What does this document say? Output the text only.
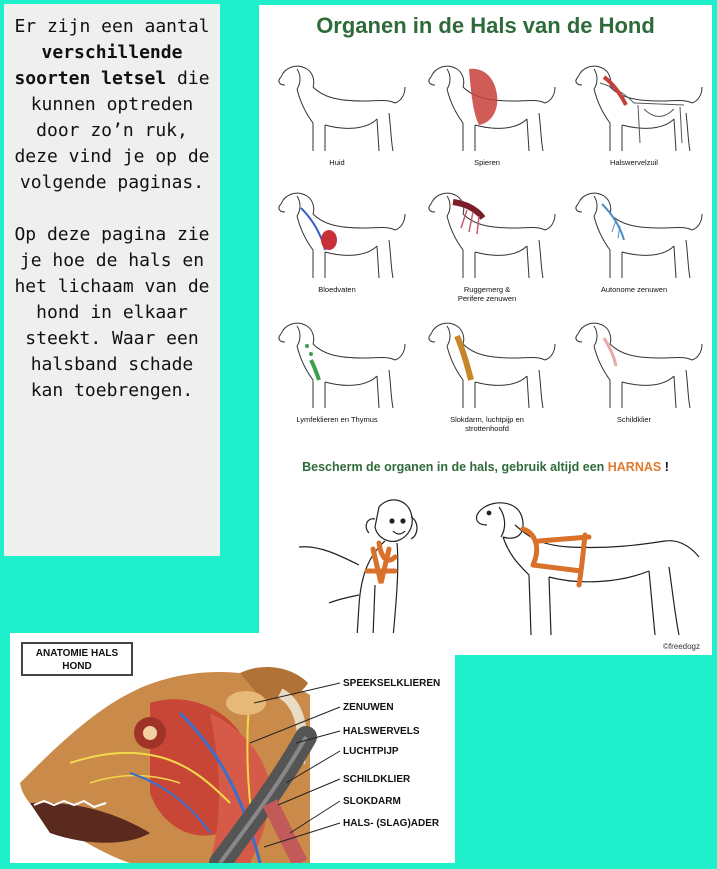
Er zijn een aantal verschillende soorten letsel die kunnen optreden door zo’n ruk, deze vind je op de volgende paginas.

Op deze pagina zie je hoe de hals en het lichaam van de hond in elkaar steekt. Waar een halsband schade kan toebrengen.

Organen in de Hals van de Hond
Huid	Spieren	Halswervelzuil
Bloedvaten	Ruggemerg &
Perifere zenuwen
Autonome zenuwen
Lymfeklieren en Thymus	Slokdarm, luchtpijp en
strottenhoofd
Schildklier
Bescherm de organen in de hals, gebruik altijd een HARNAS !
©freedogz
ANATOMIE HALS
HOND
SPEEKSELKLIEREN
ZENUWEN
HALSWERVELS
LUCHTPIJP
SCHILDKLIER
SLOKDARM
HALS- (SLAG)ADER
